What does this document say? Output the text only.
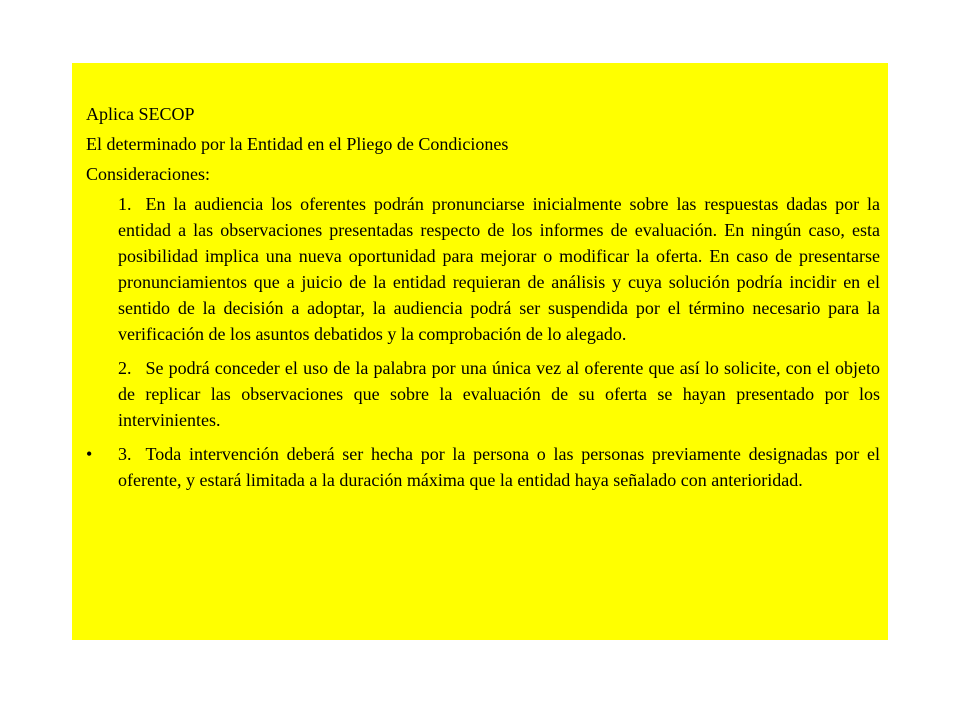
Aplica SECOP
El determinado por la Entidad en el Pliego de Condiciones
Consideraciones:
1. En la audiencia los oferentes podrán pronunciarse inicialmente sobre las respuestas dadas por la entidad a las observaciones presentadas respecto de los informes de evaluación. En ningún caso, esta posibilidad implica una nueva oportunidad para mejorar o modificar la oferta. En caso de presentarse pronunciamientos que a juicio de la entidad requieran de análisis y cuya solución podría incidir en el sentido de la decisión a adoptar, la audiencia podrá ser suspendida por el término necesario para la verificación de los asuntos debatidos y la comprobación de lo alegado.
2. Se podrá conceder el uso de la palabra por una única vez al oferente que así lo solicite, con el objeto de replicar las observaciones que sobre la evaluación de su oferta se hayan presentado por los intervinientes.
• 3. Toda intervención deberá ser hecha por la persona o las personas previamente designadas por el oferente, y estará limitada a la duración máxima que la entidad haya señalado con anterioridad.
